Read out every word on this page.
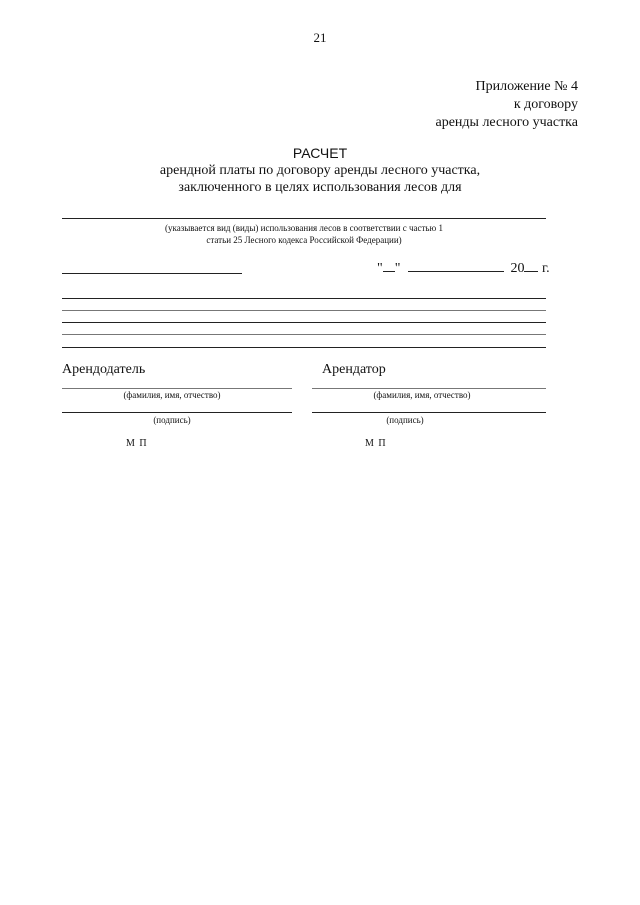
21
Приложение № 4
к договору
аренды лесного участка
РАСЧЕТ
арендной платы по договору аренды лесного участка,
заключенного в целях использования лесов для
(указывается вид (виды) использования лесов в соответствии с частью 1
статьи 25 Лесного кодекса Российской Федерации)
" "	20 г.
Арендодатель
(фамилия, имя, отчество)
(подпись)
М П
Арендатор
(фамилия, имя, отчество)
(подпись)
М П
